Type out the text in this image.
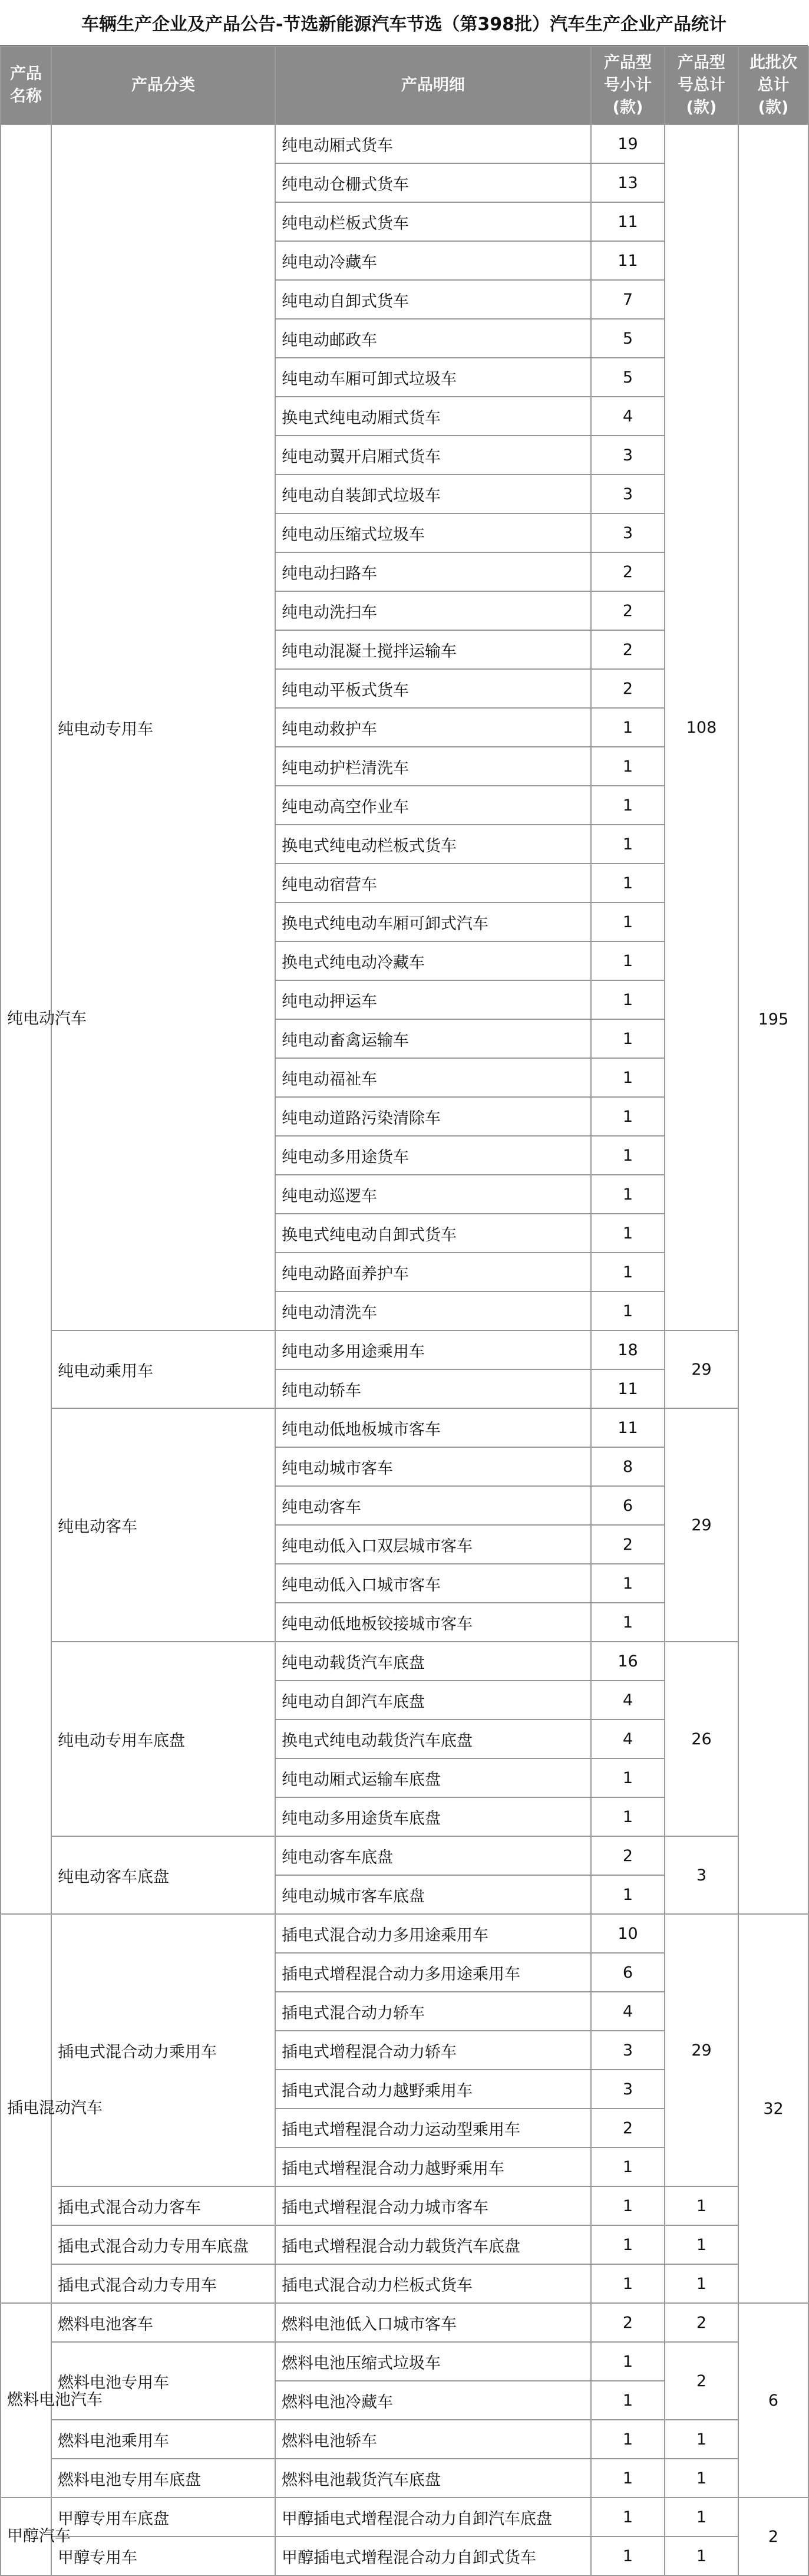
车辆生产企业及产品公告-节选新能源汽车节选（第398批）汽车生产企业产品统计
产品名称	产品分类	产品明细	产品型号小计(款)	产品型号总计(款)	此批次总计(款)
纯电动汽车	纯电动专用车	纯电动厢式货车	19	108	195
		纯电动仓栅式货车	13		
		纯电动栏板式货车	11		
		纯电动冷藏车	11		
		纯电动自卸式货车	7		
		纯电动邮政车	5		
		纯电动车厢可卸式垃圾车	5		
		换电式纯电动厢式货车	4		
		纯电动翼开启厢式货车	3		
		纯电动自装卸式垃圾车	3		
		纯电动压缩式垃圾车	3		
		纯电动扫路车	2		
		纯电动洗扫车	2		
		纯电动混凝土搅拌运输车	2		
		纯电动平板式货车	2		
		纯电动救护车	1		
		纯电动护栏清洗车	1		
		纯电动高空作业车	1		
		换电式纯电动栏板式货车	1		
		纯电动宿营车	1		
		换电式纯电动车厢可卸式汽车	1		
		换电式纯电动冷藏车	1		
		纯电动押运车	1		
		纯电动畜禽运输车	1		
		纯电动福祉车	1		
		纯电动道路污染清除车	1		
		纯电动多用途货车	1		
		纯电动巡逻车	1		
		换电式纯电动自卸式货车	1		
		纯电动路面养护车	1		
		纯电动清洗车	1		
	纯电动乘用车	纯电动多用途乘用车	18	29	
		纯电动轿车	11		
	纯电动客车	纯电动低地板城市客车	11	29	
		纯电动城市客车	8		
		纯电动客车	6		
		纯电动低入口双层城市客车	2		
		纯电动低入口城市客车	1		
		纯电动低地板铰接城市客车	1		
	纯电动专用车底盘	纯电动载货汽车底盘	16	26	
		纯电动自卸汽车底盘	4		
		换电式纯电动载货汽车底盘	4		
		纯电动厢式运输车底盘	1		
		纯电动多用途货车底盘	1		
	纯电动客车底盘	纯电动客车底盘	2	3	
		纯电动城市客车底盘	1		
插电混动汽车	插电式混合动力乘用车	插电式混合动力多用途乘用车	10	29	32
		插电式增程混合动力多用途乘用车	6		
		插电式混合动力轿车	4		
		插电式增程混合动力轿车	3		
		插电式混合动力越野乘用车	3		
		插电式增程混合动力运动型乘用车	2		
		插电式增程混合动力越野乘用车	1		
	插电式混合动力客车	插电式增程混合动力城市客车	1	1	
	插电式混合动力专用车底盘	插电式增程混合动力载货汽车底盘	1	1	
	插电式混合动力专用车	插电式混合动力栏板式货车	1	1	
燃料电池汽车	燃料电池客车	燃料电池低入口城市客车	2	2	6
	燃料电池专用车	燃料电池压缩式垃圾车	1	2	
		燃料电池冷藏车	1		
	燃料电池乘用车	燃料电池轿车	1	1	
	燃料电池专用车底盘	燃料电池载货汽车底盘	1	1	
甲醇汽车	甲醇专用车底盘	甲醇插电式增程混合动力自卸汽车底盘	1	1	2
	甲醇专用车	甲醇插电式增程混合动力自卸式货车	1	1	
